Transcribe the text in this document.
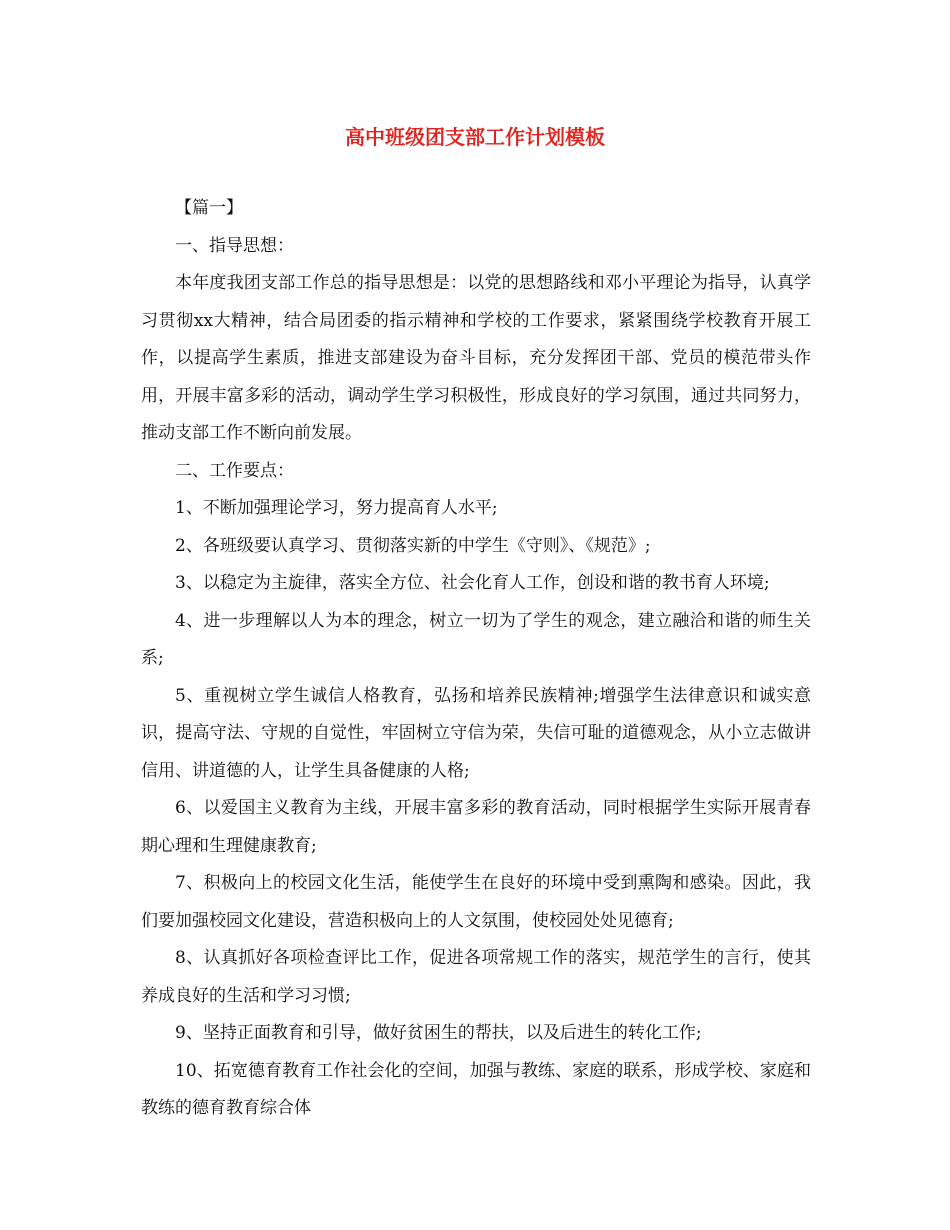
高中班级团支部工作计划模板

【篇一】

一、指导思想：

本年度我团支部工作总的指导思想是：以党的思想路线和邓小平理论为指导，认真学习贯彻xx大精神，结合局团委的指示精神和学校的工作要求，紧紧围绕学校教育开展工作，以提高学生素质，推进支部建设为奋斗目标，充分发挥团干部、党员的模范带头作用，开展丰富多彩的活动，调动学生学习积极性，形成良好的学习氛围，通过共同努力，推动支部工作不断向前发展。

二、工作要点：

1、不断加强理论学习，努力提高育人水平;

2、各班级要认真学习、贯彻落实新的中学生《守则》、《规范》;

3、以稳定为主旋律，落实全方位、社会化育人工作，创设和谐的教书育人环境;

4、进一步理解以人为本的理念，树立一切为了学生的观念，建立融洽和谐的师生关系;

5、重视树立学生诚信人格教育，弘扬和培养民族精神;增强学生法律意识和诚实意识，提高守法、守规的自觉性，牢固树立守信为荣，失信可耻的道德观念，从小立志做讲信用、讲道德的人，让学生具备健康的人格;

6、以爱国主义教育为主线，开展丰富多彩的教育活动，同时根据学生实际开展青春期心理和生理健康教育;

7、积极向上的校园文化生活，能使学生在良好的环境中受到熏陶和感染。因此，我们要加强校园文化建设，营造积极向上的人文氛围，使校园处处见德育;

8、认真抓好各项检查评比工作，促进各项常规工作的落实，规范学生的言行，使其养成良好的生活和学习习惯;

9、坚持正面教育和引导，做好贫困生的帮扶，以及后进生的转化工作;

10、拓宽德育教育工作社会化的空间，加强与教练、家庭的联系，形成学校、家庭和教练的德育教育综合体
